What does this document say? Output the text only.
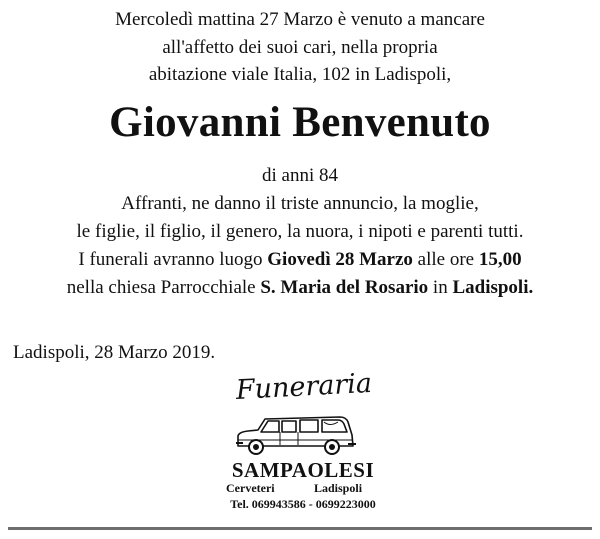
Mercoledì mattina 27 Marzo è venuto a mancare
all'affetto dei suoi cari, nella propria
abitazione viale Italia, 102 in Ladispoli,
Giovanni Benvenuto
di anni 84
Affranti, ne danno il triste annuncio, la moglie,
le figlie, il figlio, il genero, la nuora, i nipoti e parenti tutti.
I funerali avranno luogo Giovedì 28 Marzo alle ore 15,00
nella chiesa Parrocchiale S. Maria del Rosario in Ladispoli.
Ladispoli, 28 Marzo 2019.
Funeraria
SAMPAOLESI
Cerveteri	Ladispoli
Tel. 069943586 - 0699223000
